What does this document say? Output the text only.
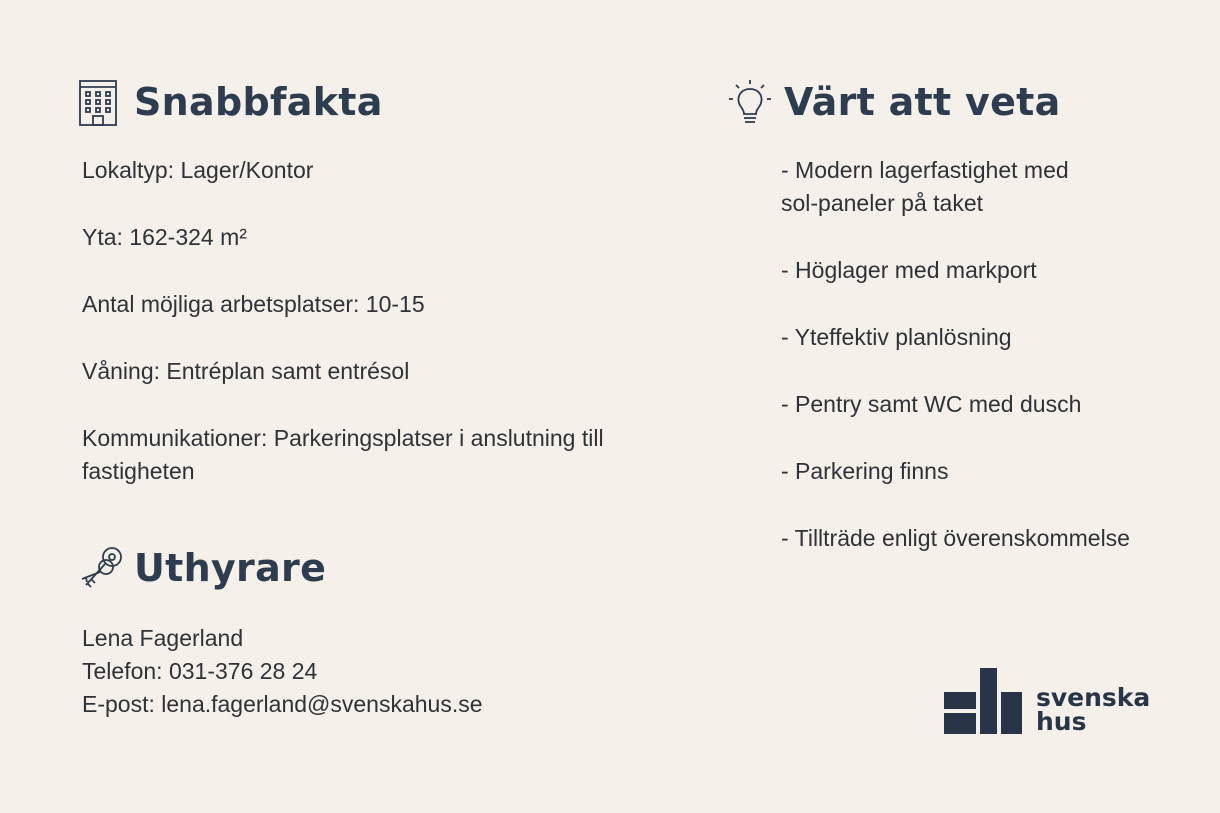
Snabbfakta

Lokaltyp: Lager/Kontor

Yta: 162-324 m²

Antal möjliga arbetsplatser: 10-15

Våning: Entréplan samt entrésol

Kommunikationer: Parkeringsplatser i anslutning till fastigheten

Uthyrare

Lena Fagerland

Telefon: 031-376 28 24

E-post: lena.fagerland@svenskahus.se

Värt att veta

- Modern lagerfastighet med sol-paneler på taket

- Höglager med markport

- Yteffektiv planlösning

- Pentry samt WC med dusch

- Parkering finns

- Tillträde enligt överenskommelse

svenska
hus
